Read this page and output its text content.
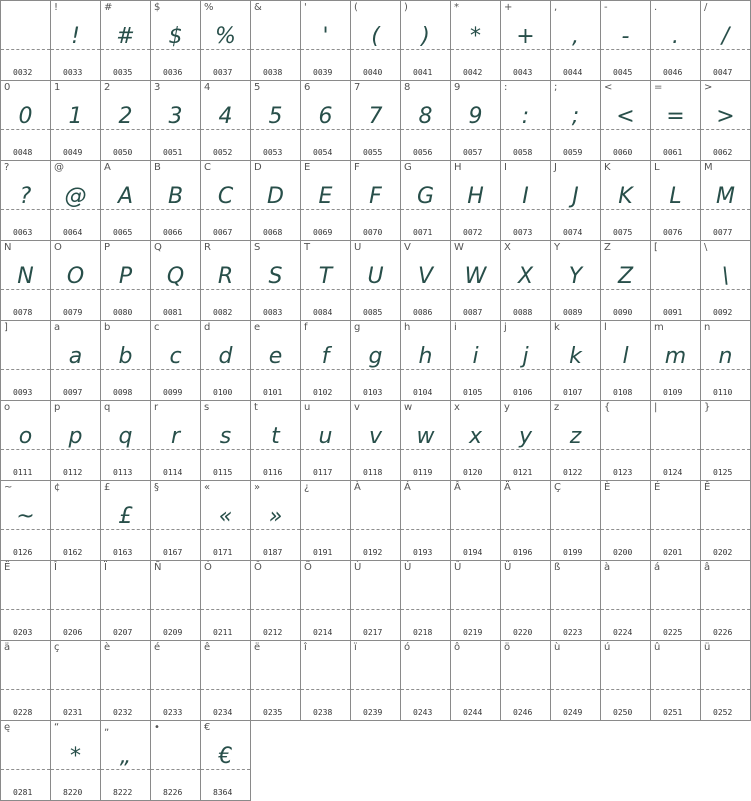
0032
!
!
0033
#
#
0035
$
$
0036
%
%
0037
&
0038
'
'
0039
(
(
0040
)
)
0041
*
*
0042
+
+
0043
,
,
0044
-
-
0045
.
.
0046
/
/
0047
0
0
0048
1
1
0049
2
2
0050
3
3
0051
4
4
0052
5
5
0053
6
6
0054
7
7
0055
8
8
0056
9
9
0057
:
:
0058
;
;
0059
<
<
0060
=
=
0061
>
>
0062
?
?
0063
@
@
0064
A
A
0065
B
B
0066
C
C
0067
D
D
0068
E
E
0069
F
F
0070
G
G
0071
H
H
0072
I
I
0073
J
J
0074
K
K
0075
L
L
0076
M
M
0077
N
N
0078
O
O
0079
P
P
0080
Q
Q
0081
R
R
0082
S
S
0083
T
T
0084
U
U
0085
V
V
0086
W
W
0087
X
X
0088
Y
Y
0089
Z
Z
0090
[
0091
\
\
0092
]
0093
a
a
0097
b
b
0098
c
c
0099
d
d
0100
e
e
0101
f
f
0102
g
g
0103
h
h
0104
i
i
0105
j
j
0106
k
k
0107
l
l
0108
m
m
0109
n
n
0110
o
o
0111
p
p
0112
q
q
0113
r
r
0114
s
s
0115
t
t
0116
u
u
0117
v
v
0118
w
w
0119
x
x
0120
y
y
0121
z
z
0122
{
0123
|
0124
}
0125
~
~
0126
¢
0162
£
£
0163
§
0167
«
«
0171
»
»
0187
¿
0191
À
0192
Á
0193
Â
0194
Ä
0196
Ç
0199
È
0200
É
0201
Ê
0202
Ë
0203
Î
0206
Ï
0207
Ñ
0209
Ó
0211
Ô
0212
Ö
0214
Ù
0217
Ú
0218
Û
0219
Ü
0220
ß
0223
à
0224
á
0225
â
0226
ä
0228
ç
0231
è
0232
é
0233
ê
0234
ë
0235
î
0238
ï
0239
ó
0243
ô
0244
ö
0246
ù
0249
ú
0250
û
0251
ü
0252
ę
0281
“
*
8220
„
„
8222
•
8226
€
€
8364
